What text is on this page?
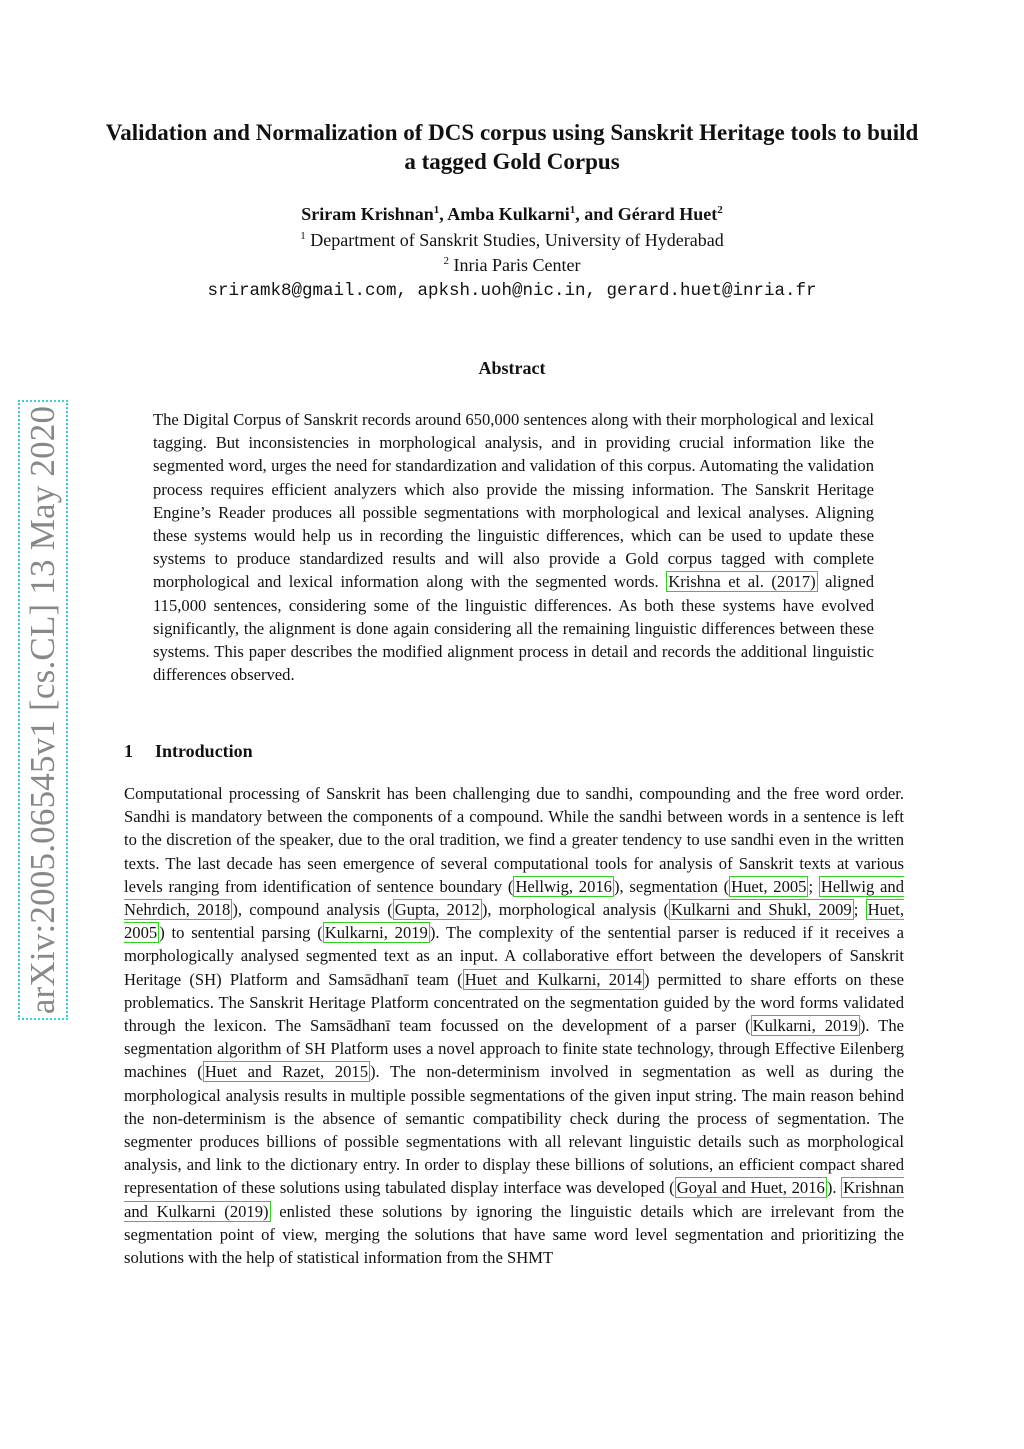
arXiv:2005.06545v1 [cs.CL] 13 May 2020
Validation and Normalization of DCS corpus using Sanskrit Heritage tools to build a tagged Gold Corpus
Sriram Krishnan$^1$, Amba Kulkarni$^1$, and Gérard Huet$^2$
$^1$ Department of Sanskrit Studies, University of Hyderabad
$^2$ Inria Paris Center
sriramk8@gmail.com, apksh.uoh@nic.in, gerard.huet@inria.fr
Abstract

The Digital Corpus of Sanskrit records around 650,000 sentences along with their morphological and lexical tagging. But inconsistencies in morphological analysis, and in providing crucial information like the segmented word, urges the need for standardization and validation of this corpus. Automating the validation process requires efficient analyzers which also provide the missing information. The Sanskrit Heritage Engine’s Reader produces all possible segmentations with morphological and lexical analyses. Aligning these systems would help us in recording the linguistic differences, which can be used to update these systems to produce standardized results and will also provide a Gold corpus tagged with complete morphological and lexical information along with the segmented words. Krishna et al. (2017) aligned 115,000 sentences, considering some of the linguistic differences. As both these systems have evolved significantly, the alignment is done again considering all the remaining linguistic differences between these systems. This paper describes the modified alignment process in detail and records the additional linguistic differences observed.

1 Introduction

Computational processing of Sanskrit has been challenging due to sandhi, compounding and the free word order. Sandhi is mandatory between the components of a compound. While the sandhi between words in a sentence is left to the discretion of the speaker, due to the oral tradition, we find a greater tendency to use sandhi even in the written texts. The last decade has seen emergence of several computational tools for analysis of Sanskrit texts at various levels ranging from identification of sentence boundary ( Hellwig, 2016 ), segmentation ( Huet, 2005 ; Hellwig and Nehrdich, 2018 ), compound analysis ( Gupta, 2012 ), morphological analysis ( Kulkarni and Shukl, 2009 ; Huet, 2005 ) to sentential parsing ( Kulkarni, 2019 ). The complexity of the sentential parser is reduced if it receives a morphologically analysed segmented text as an input. A collaborative effort between the developers of Sanskrit Heritage (SH) Platform and Samsādhanī team ( Huet and Kulkarni, 2014 ) permitted to share efforts on these problematics. The Sanskrit Heritage Platform concentrated on the segmentation guided by the word forms validated through the lexicon. The Samsādhanī team focussed on the development of a parser ( Kulkarni, 2019 ). The segmentation algorithm of SH Platform uses a novel approach to finite state technology, through Effective Eilenberg machines ( Huet and Razet, 2015 ). The non-determinism involved in segmentation as well as during the morphological analysis results in multiple possible segmentations of the given input string. The main reason behind the non-determinism is the absence of semantic compatibility check during the process of segmentation. The segmenter produces billions of possible segmentations with all relevant linguistic details such as morphological analysis, and link to the dictionary entry. In order to display these billions of solutions, an efficient compact shared representation of these solutions using tabulated display interface was developed ( Goyal and Huet, 2016 ). Krishnan and Kulkarni (2019) enlisted these solutions by ignoring the linguistic details which are irrelevant from the segmentation point of view, merging the solutions that have same word level segmentation and prioritizing the solutions with the help of statistical information from the SHMT
